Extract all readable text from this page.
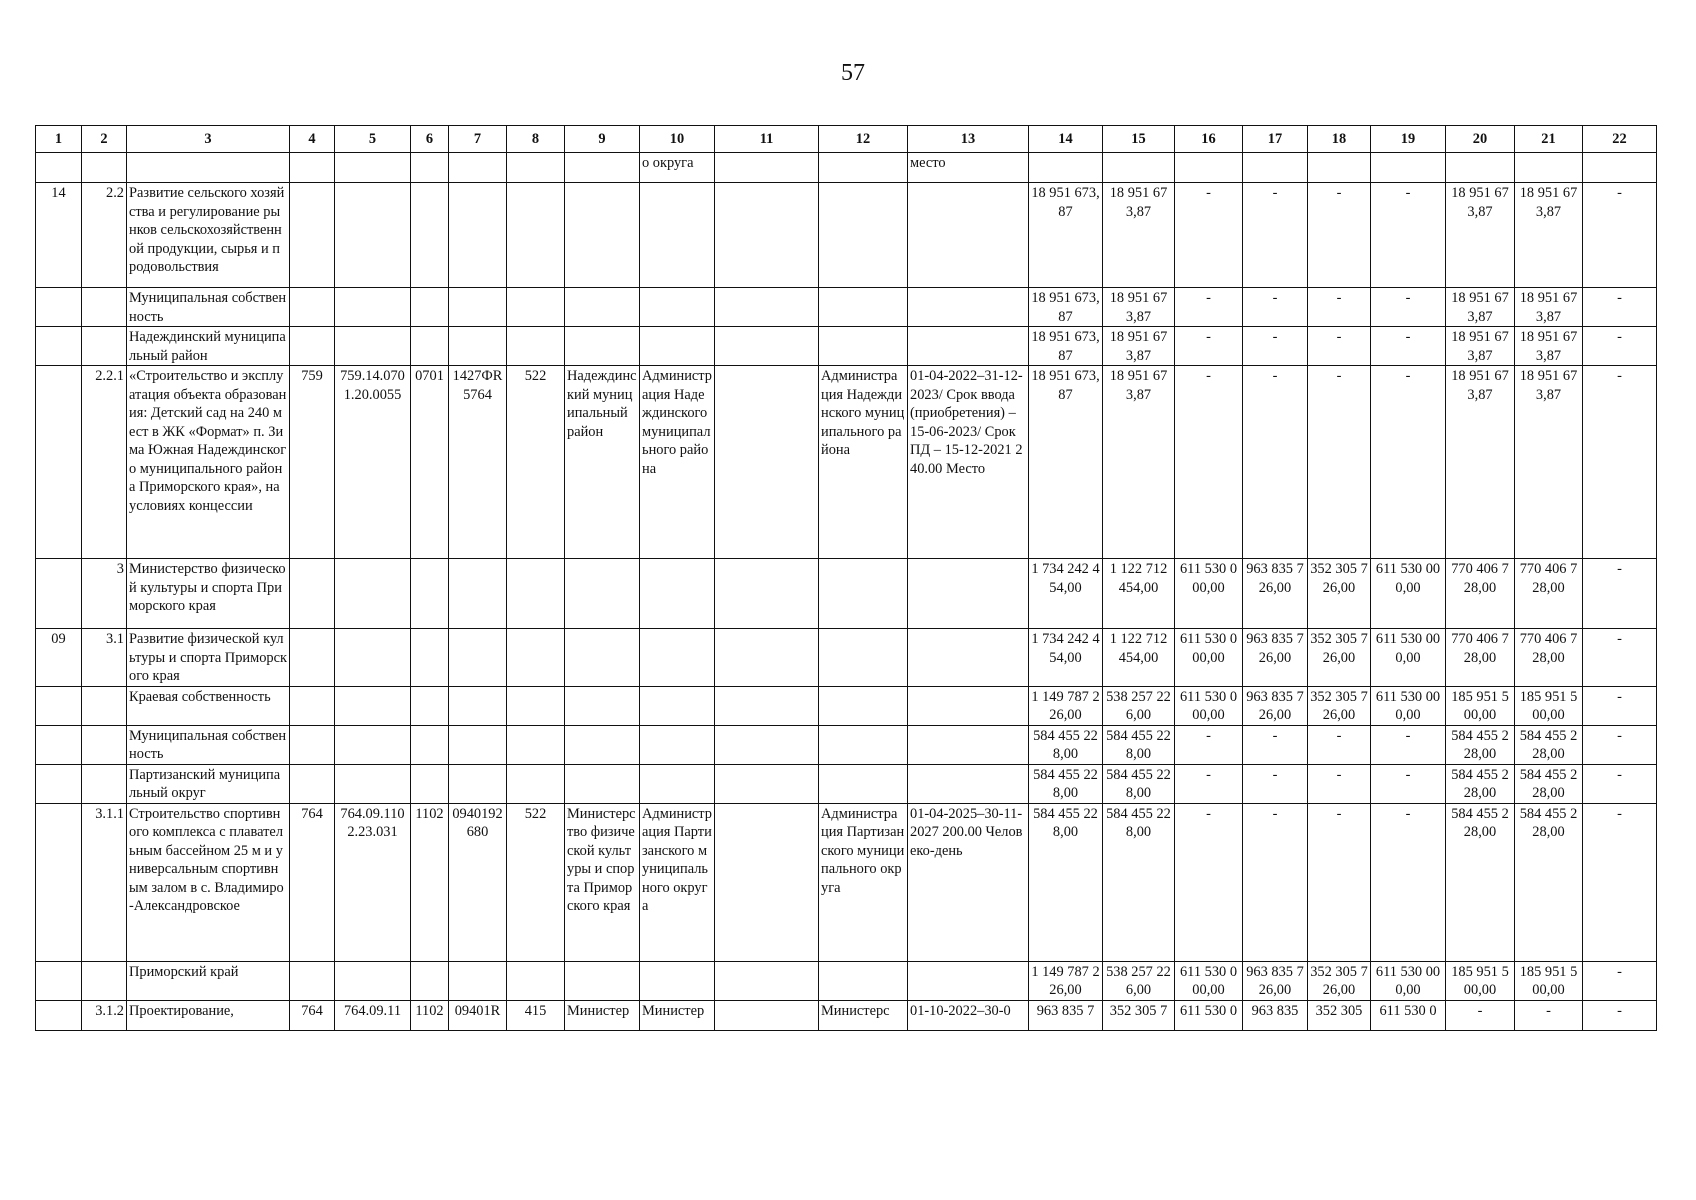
57
1	2	3	4	5	6	7	8	9	10	11	12	13	14	15	16	17	18	19	20	21	22
									о округа			место									
14	2.2	Развитие сельского хозяйства и регулирование рынков сельскохозяйственной продукции, сырья и продовольствия											18 951 673,87	18 951 673,87	-	-	-	-	18 951 673,87	18 951 673,87	-
		Муниципальная собственность											18 951 673,87	18 951 673,87	-	-	-	-	18 951 673,87	18 951 673,87	-
		Надеждинский муниципальный район											18 951 673,87	18 951 673,87	-	-	-	-	18 951 673,87	18 951 673,87	-
	2.2.1	«Строительство и эксплуатация объекта образования: Детский сад на 240 мест в ЖК «Формат» п. Зима Южная Надеждинского муниципального района Приморского края», на условиях концессии	759	759.14.0701.20.0055	0701	1427ФR5764	522	Надеждинский муниципальный район	Администрация Надеждинского муниципального района		Администрация Надеждинского муниципального района	01-04-2022–31-12-2023/ Срок ввода (приобретения) – 15-06-2023/ Срок ПД – 15-12-2021 240.00 Место	18 951 673,87	18 951 673,87	-	-	-	-	18 951 673,87	18 951 673,87	-
	3	Министерство физической культуры и спорта Приморского края											1 734 242 454,00	1 122 712 454,00	611 530 000,00	963 835 726,00	352 305 726,00	611 530 000,00	770 406 728,00	770 406 728,00	-
09	3.1	Развитие физической культуры и спорта Приморского края											1 734 242 454,00	1 122 712 454,00	611 530 000,00	963 835 726,00	352 305 726,00	611 530 000,00	770 406 728,00	770 406 728,00	-
		Краевая собственность											1 149 787 226,00	538 257 226,00	611 530 000,00	963 835 726,00	352 305 726,00	611 530 000,00	185 951 500,00	185 951 500,00	-
		Муниципальная собственность											584 455 228,00	584 455 228,00	-	-	-	-	584 455 228,00	584 455 228,00	-
		Партизанский муниципальный округ											584 455 228,00	584 455 228,00	-	-	-	-	584 455 228,00	584 455 228,00	-
	3.1.1	Строительство спортивного комплекса с плавательным бассейном 25 м и универсальным спортивным залом в с. Владимиро-Александровское	764	764.09.1102.23.031	1102	0940192680	522	Министерство физической культуры и спорта Приморского края	Администрация Партизанского муниципального округа		Администрация Партизанского муниципального округа	01-04-2025–30-11-2027 200.00 Человеко-день	584 455 228,00	584 455 228,00	-	-	-	-	584 455 228,00	584 455 228,00	-
		Приморский край											1 149 787 226,00	538 257 226,00	611 530 000,00	963 835 726,00	352 305 726,00	611 530 000,00	185 951 500,00	185 951 500,00	-
	3.1.2	Проектирование,	764	764.09.11	1102	09401R	415	Министер	Министер		Министерс	01-10-2022–30-0	963 835 7	352 305 7	611 530 0	963 835	352 305	611 530 0	-	-	-
